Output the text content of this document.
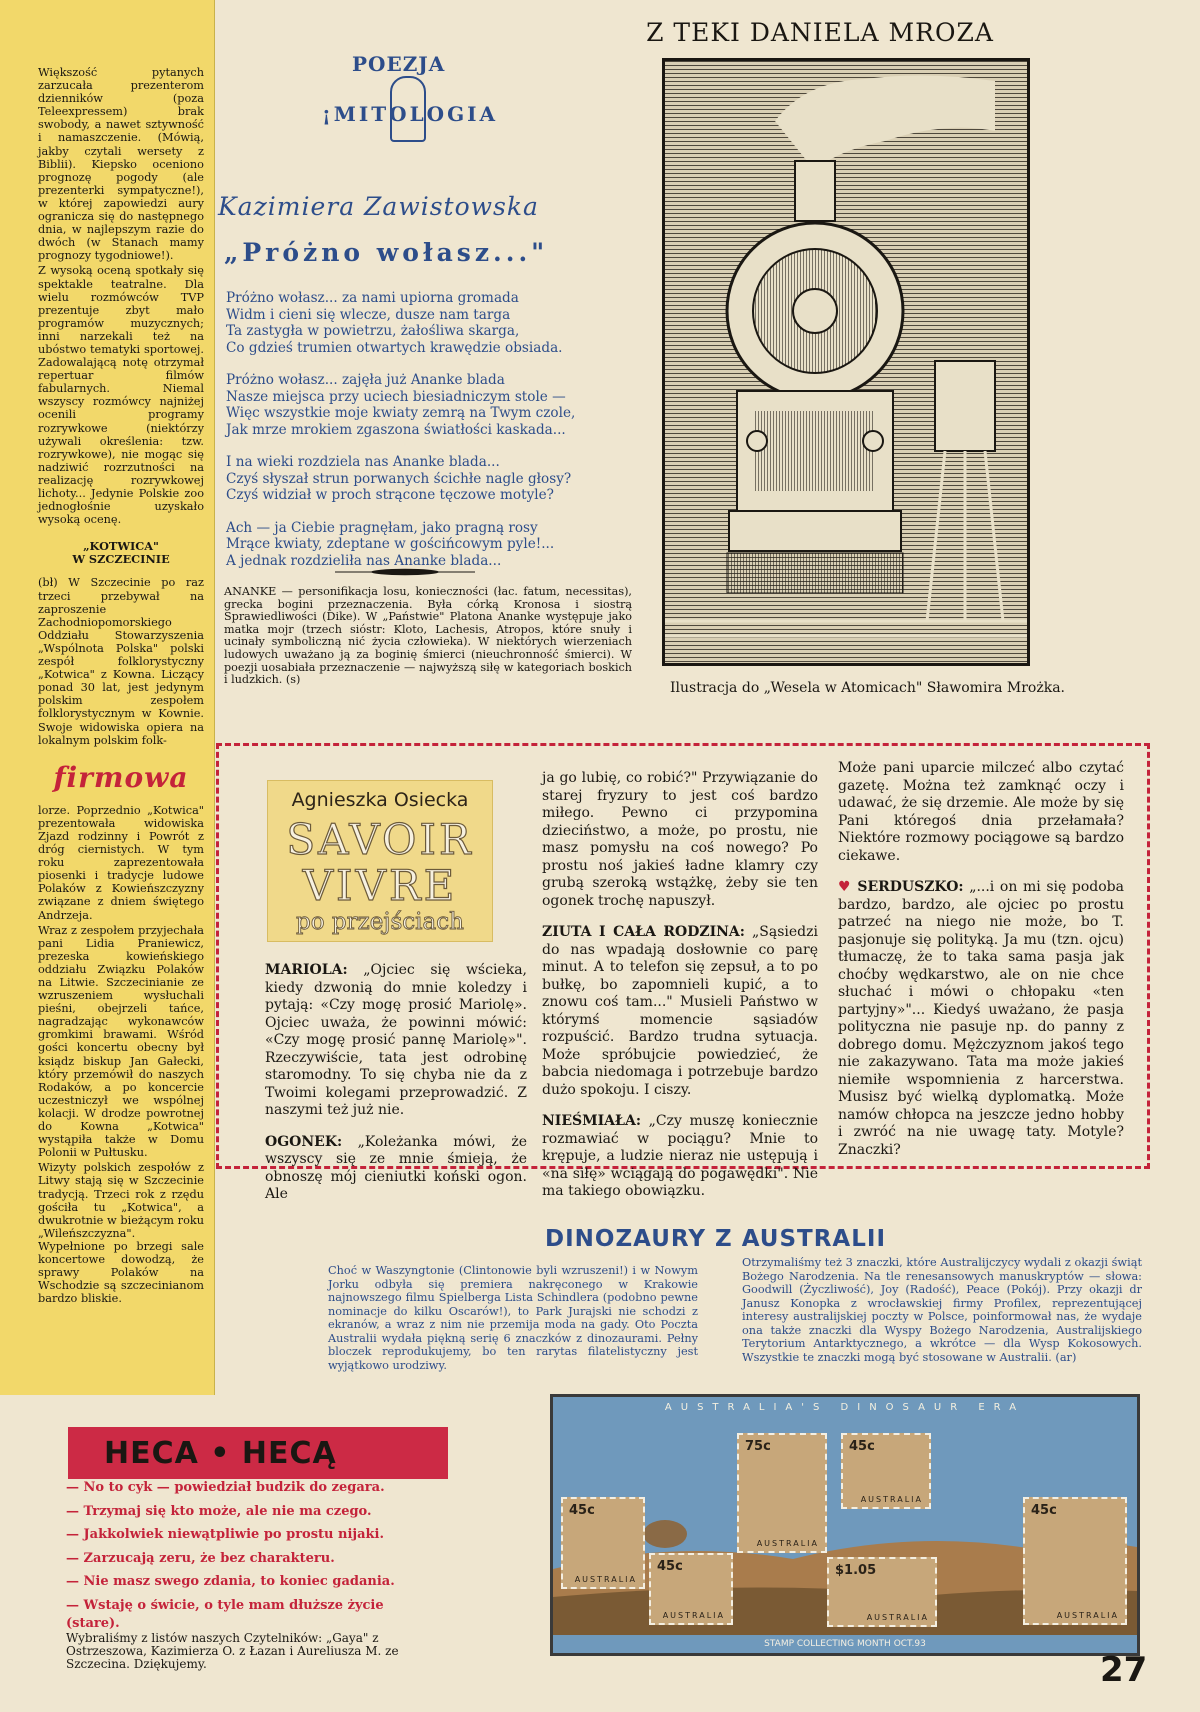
Większość pytanych zarzucała prezenterom dzienników (poza Teleexpressem) brak swobody, a nawet sztywność i namaszczenie. (Mówią, jakby czytali wersety z Biblii). Kiepsko oceniono prognozę pogody (ale prezenterki sympatyczne!), w której zapowiedzi aury ogranicza się do następnego dnia, w najlepszym razie do dwóch (w Stanach mamy prognozy tygodniowe!).

Z wysoką oceną spotkały się spektakle teatralne. Dla wielu rozmówców TVP prezentuje zbyt mało programów muzycznych; inni narzekali też na ubóstwo tematyki sportowej. Zadowalającą notę otrzymał repertuar filmów fabularnych. Niemal wszyscy rozmówcy najniżej ocenili programy rozrywkowe (niektórzy używali określenia: tzw. rozrywkowe), nie mogąc się nadziwić rozrzutności na realizację rozrywkowej lichoty... Jedynie Polskie zoo jednogłośnie uzyskało wysoką ocenę.

„KOTWICA"
W SZCZECINIE

(bł) W Szczecinie po raz trzeci przebywał na zaproszenie Zachodniopomorskiego Oddziału Stowarzyszenia „Wspólnota Polska" polski zespół folklorystyczny „Kotwica" z Kowna. Liczący ponad 30 lat, jest jedynym polskim zespołem folklorystycznym w Kownie. Swoje widowiska opiera na lokalnym polskim folk-

firmowa

lorze. Poprzednio „Kotwica" prezentowała widowiska Zjazd rodzinny i Powrót z dróg ciernistych. W tym roku zaprezentowała piosenki i tradycje ludowe Polaków z Kowieńszczyzny związane z dniem świętego Andrzeja.

Wraz z zespołem przyjechała pani Lidia Praniewicz, prezeska kowieńskiego oddziału Związku Polaków na Litwie. Szczecinianie ze wzruszeniem wysłuchali pieśni, obejrzeli tańce, nagradzając wykonawców gromkimi brawami. Wśród gości koncertu obecny był ksiądz biskup Jan Gałecki, który przemówił do naszych Rodaków, a po koncercie uczestniczył we wspólnej kolacji. W drodze powrotnej do Kowna „Kotwica" wystąpiła także w Domu Polonii w Pułtusku.

Wizyty polskich zespołów z Litwy stają się w Szczecinie tradycją. Trzeci rok z rzędu gościła tu „Kotwica", a dwukrotnie w bieżącym roku „Wileńszczyzna". Wypełnione po brzegi sale koncertowe dowodzą, że sprawy Polaków na Wschodzie są szczecinianom bardzo bliskie.

POEZJA
¡MITOLOGIA
Kazimiera Zawistowska
„Próżno wołasz..."
Próżno wołasz... za nami upiorna gromada
Widm i cieni się wlecze, dusze nam targa
Ta zastygła w powietrzu, żałośliwa skarga,
Co gdzieś trumien otwartych krawędzie obsiada.
Próżno wołasz... zajęła już Ananke blada
Nasze miejsca przy uciech biesiadniczym stole —
Więc wszystkie moje kwiaty zemrą na Twym czole,
Jak mrze mrokiem zgaszona światłości kaskada...
I na wieki rozdziela nas Ananke blada...
Czyś słyszał strun porwanych ścichłe nagle głosy?
Czyś widział w proch strącone tęczowe motyle?
Ach — ja Ciebie pragnęłam, jako pragną rosy
Mrące kwiaty, zdeptane w gościńcowym pyle!...
A jednak rozdzieliła nas Ananke blada...
ANANKE — personifikacja losu, konieczności (łac. fatum, necessitas), grecka bogini przeznaczenia. Była córką Kronosa i siostrą Sprawiedliwości (Dike). W „Państwie" Platona Ananke występuje jako matka mojr (trzech sióstr: Kloto, Lachesis, Atropos, które snuły i ucinały symboliczną nić życia człowieka). W niektórych wierzeniach ludowych uważano ją za boginię śmierci (nieuchronność śmierci). W poezji uosabiała przeznaczenie — najwyższą siłę w kategoriach boskich i ludzkich. (s)
Z TEKI DANIELA MROZA
Ilustracja do „Wesela w Atomicach" Sławomira Mrożka.
Agnieszka Osiecka
SAVOIR
VIVRE
po przejściach

MARIOLA: „Ojciec się wścieka, kiedy dzwonią do mnie koledzy i pytają: «Czy mogę prosić Mariolę». Ojciec uważa, że powinni mówić: «Czy mogę prosić pannę Mariolę»". Rzeczywiście, tata jest odrobinę staromodny. To się chyba nie da z Twoimi kolegami przeprowadzić. Z naszymi też już nie.

OGONEK: „Koleżanka mówi, że wszyscy się ze mnie śmieją, że obnoszę mój cieniutki koński ogon. Ale

ja go lubię, co robić?" Przywiązanie do starej fryzury to jest coś bardzo miłego. Pewno ci przypomina dzieciństwo, a może, po prostu, nie masz pomysłu na coś nowego? Po prostu noś jakieś ładne klamry czy grubą szeroką wstążkę, żeby sie ten ogonek trochę napuszył.

ZIUTA I CAŁA RODZINA: „Sąsiedzi do nas wpadają dosłownie co parę minut. A to telefon się zepsuł, a to po bułkę, bo zapomnieli kupić, a to znowu coś tam..." Musieli Państwo w którymś momencie sąsiadów rozpuścić. Bardzo trudna sytuacja. Może spróbujcie powiedzieć, że babcia niedomaga i potrzebuje bardzo dużo spokoju. I ciszy.

NIEŚMIAŁA: „Czy muszę koniecznie rozmawiać w pociągu? Mnie to krępuje, a ludzie nieraz nie ustępują i «na siłę» wciągają do pogawędki". Nie ma takiego obowiązku.

Może pani uparcie milczeć albo czytać gazetę. Można też zamknąć oczy i udawać, że się drzemie. Ale może by się Pani któregoś dnia przełamała? Niektóre rozmowy pociągowe są bardzo ciekawe.

♥ SERDUSZKO: „...i on mi się podoba bardzo, bardzo, ale ojciec po prostu patrzeć na niego nie może, bo T. pasjonuje się polityką. Ja mu (tzn. ojcu) tłumaczę, że to taka sama pasja jak choćby wędkarstwo, ale on nie chce słuchać i mówi o chłopaku «ten partyjny»"... Kiedyś uważano, że pasja polityczna nie pasuje np. do panny z dobrego domu. Mężczyznom jakoś tego nie zakazywano. Tata ma może jakieś niemiłe wspomnienia z harcerstwa. Musisz być wielką dyplomatką. Może namów chłopca na jeszcze jedno hobby i zwróć na nie uwagę taty. Motyle? Znaczki?

DINOZAURY Z AUSTRALII
Choć w Waszyngtonie (Clintonowie byli wzruszeni!) i w Nowym Jorku odbyła się premiera nakręconego w Krakowie najnowszego filmu Spielberga Lista Schindlera (podobno pewne nominacje do kilku Oscarów!), to Park Jurajski nie schodzi z ekranów, a wraz z nim nie przemija moda na gady. Oto Poczta Australii wydała piękną serię 6 znaczków z dinozaurami. Pełny bloczek reprodukujemy, bo ten rarytas filatelistyczny jest wyjątkowo urodziwy.
Otrzymaliśmy też 3 znaczki, które Australijczycy wydali z okazji świąt Bożego Narodzenia. Na tle renesansowych manuskryptów — słowa: Goodwill (Życzliwość), Joy (Radość), Peace (Pokój). Przy okazji dr Janusz Konopka z wrocławskiej firmy Profilex, reprezentującej interesy australijskiej poczty w Polsce, poinformował nas, że wydaje ona także znaczki dla Wyspy Bożego Narodzenia, Australijskiego Terytorium Antarktycznego, a wkrótce — dla Wysp Kokosowych. Wszystkie te znaczki mogą być stosowane w Australii. (ar)
AUSTRALIA'S DINOSAUR ERA
45c
AUSTRALIA
75c
AUSTRALIA
45c
AUSTRALIA
45c
AUSTRALIA
$1.05
AUSTRALIA
45c
AUSTRALIA
STAMP COLLECTING MONTH OCT.93
HECA • HECĄ
— No to cyk — powiedział budzik do zegara.
— Trzymaj się kto może, ale nie ma czego.
— Jakkolwiek niewątpliwie po prostu nijaki.
— Zarzucają zeru, że bez charakteru.
— Nie masz swego zdania, to koniec gadania.
— Wstaję o świcie, o tyle mam dłuższe życie
(stare).
Wybraliśmy z listów naszych Czytelników: „Gaya" z Ostrzeszowa, Kazimierza O. z Łazan i Aureliusza M. ze Szczecina. Dziękujemy.	27
